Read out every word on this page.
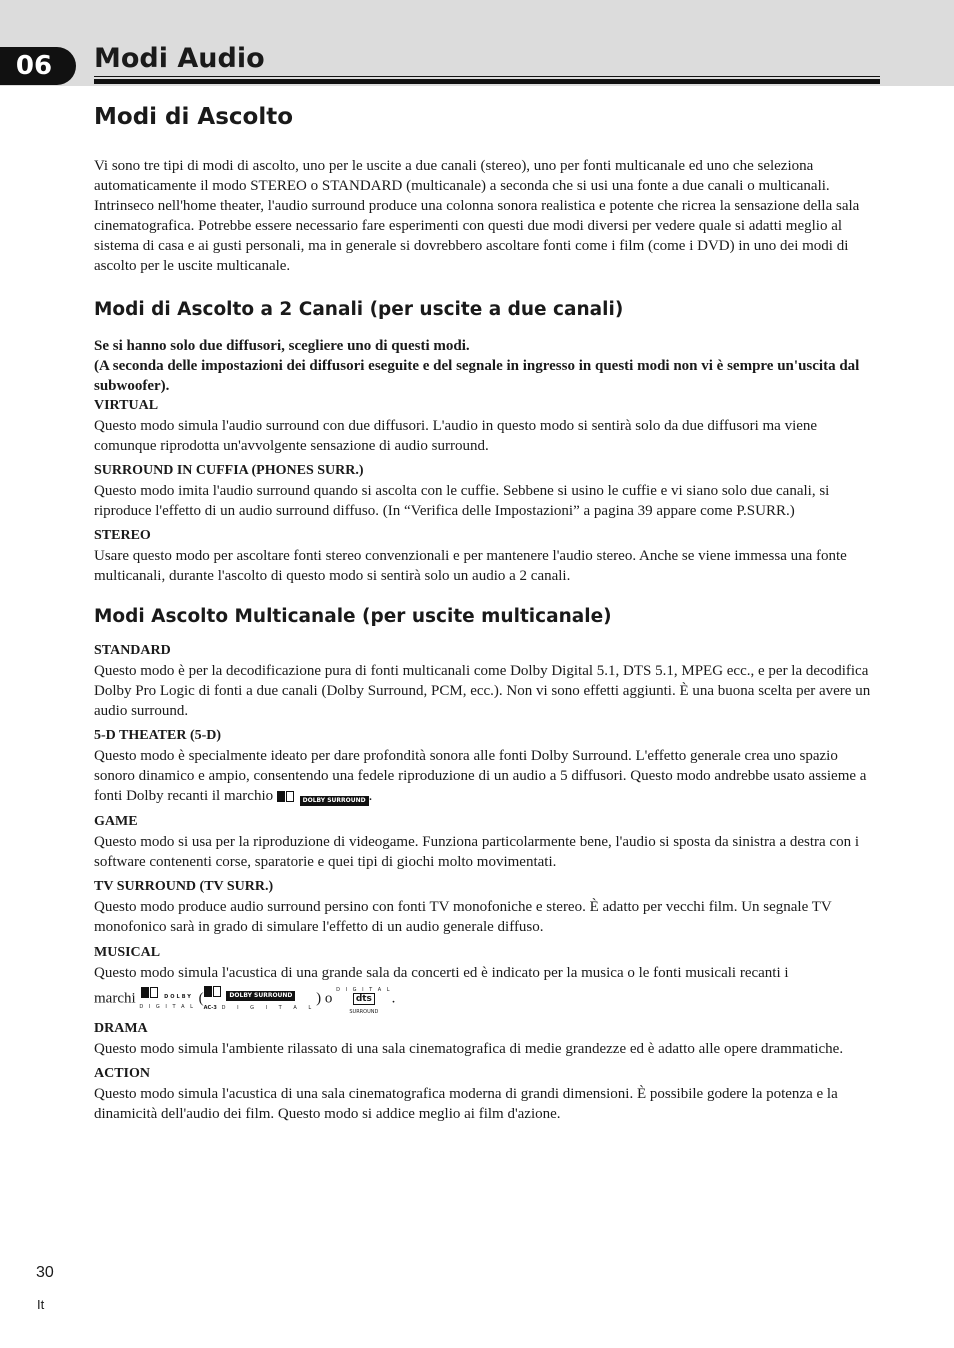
06	Modi Audio
Modi di Ascolto

Vi sono tre tipi di modi di ascolto, uno per le uscite a due canali (stereo), uno per fonti multicanale ed uno che seleziona automaticamente il modo STEREO o STANDARD (multicanale) a seconda che si usi una fonte a due canali o multicanali. Intrinseco nell'home theater, l'audio surround produce una colonna sonora realistica e potente che ricrea la sensazione della sala cinematografica. Potrebbe essere necessario fare esperimenti con questi due modi diversi per vedere quale si adatti meglio al sistema di casa e ai gusti personali, ma in generale si dovrebbero ascoltare fonti come i film (come i DVD) in uno dei modi di ascolto per le uscite multicanale.

Modi di Ascolto a 2 Canali (per uscite a due canali)

Se si hanno solo due diffusori, scegliere uno di questi modi.

(A seconda delle impostazioni dei diffusori eseguite e del segnale in ingresso in questi modi non vi è sempre un'uscita dal subwoofer).

VIRTUAL

Questo modo simula l'audio surround con due diffusori. L'audio in questo modo si sentirà solo da due diffusori ma viene comunque riprodotta un'avvolgente sensazione di audio surround.

SURROUND IN CUFFIA (PHONES SURR.)

Questo modo imita l'audio surround quando si ascolta con le cuffie. Sebbene si usino le cuffie e vi siano solo due canali, si riproduce l'effetto di un audio surround diffuso. (In “Verifica delle Impostazioni” a pagina 39 appare come P.SURR.)

STEREO

Usare questo modo per ascoltare fonti stereo convenzionali e per mantenere l'audio stereo. Anche se viene immessa una fonte multicanali, durante l'ascolto di questo modo si sentirà solo un audio a 2 canali.

Modi Ascolto Multicanale (per uscite multicanale)
STANDARD

Questo modo è per la decodificazione pura di fonti multicanali come Dolby Digital 5.1, DTS 5.1, MPEG ecc., e per la decodifica Dolby Pro Logic di fonti a due canali (Dolby Surround, PCM, ecc.). Non vi sono effetti aggiunti. È una buona scelta per avere un audio surround.

5-D THEATER (5-D)

Questo modo è specialmente ideato per dare profondità sonora alle fonti Dolby Surround. L'effetto generale crea uno spazio sonoro dinamico e ampio, consentendo una fedele riproduzione di un audio a 5 diffusori. Questo modo andrebbe usato assieme a fonti Dolby recanti il marchio	DOLBY SURROUND .

GAME

Questo modo si usa per la riproduzione di videogame. Funziona particolarmente bene, l'audio si sposta da sinistra a destra con i software contenenti corse, sparatorie e quei tipi di giochi molto movimentati.

TV SURROUND (TV SURR.)

Questo modo produce audio surround persino con fonti TV monofoniche e stereo. È adatto per vecchi film. Un segnale TV monofonico sarà in grado di simulare l'effetto di un audio generale diffuso.

MUSICAL

Questo modo simula l'acustica di una grande sala da concerti ed è indicato per la musica o le fonti musicali recanti i

marchi	DOLBY
D I G I T A L (	DOLBY SURROUND
AC-3 D I G I T A L) o D I G I T A L
dts
SURROUND.

DRAMA

Questo modo simula l'ambiente rilassato di una sala cinematografica di medie grandezze ed è adatto alle opere drammatiche.

ACTION

Questo modo simula l'acustica di una sala cinematografica moderna di grandi dimensioni. È possibile godere la potenza e la dinamicità dell'audio dei film. Questo modo si addice meglio ai film d'azione.

30
It
